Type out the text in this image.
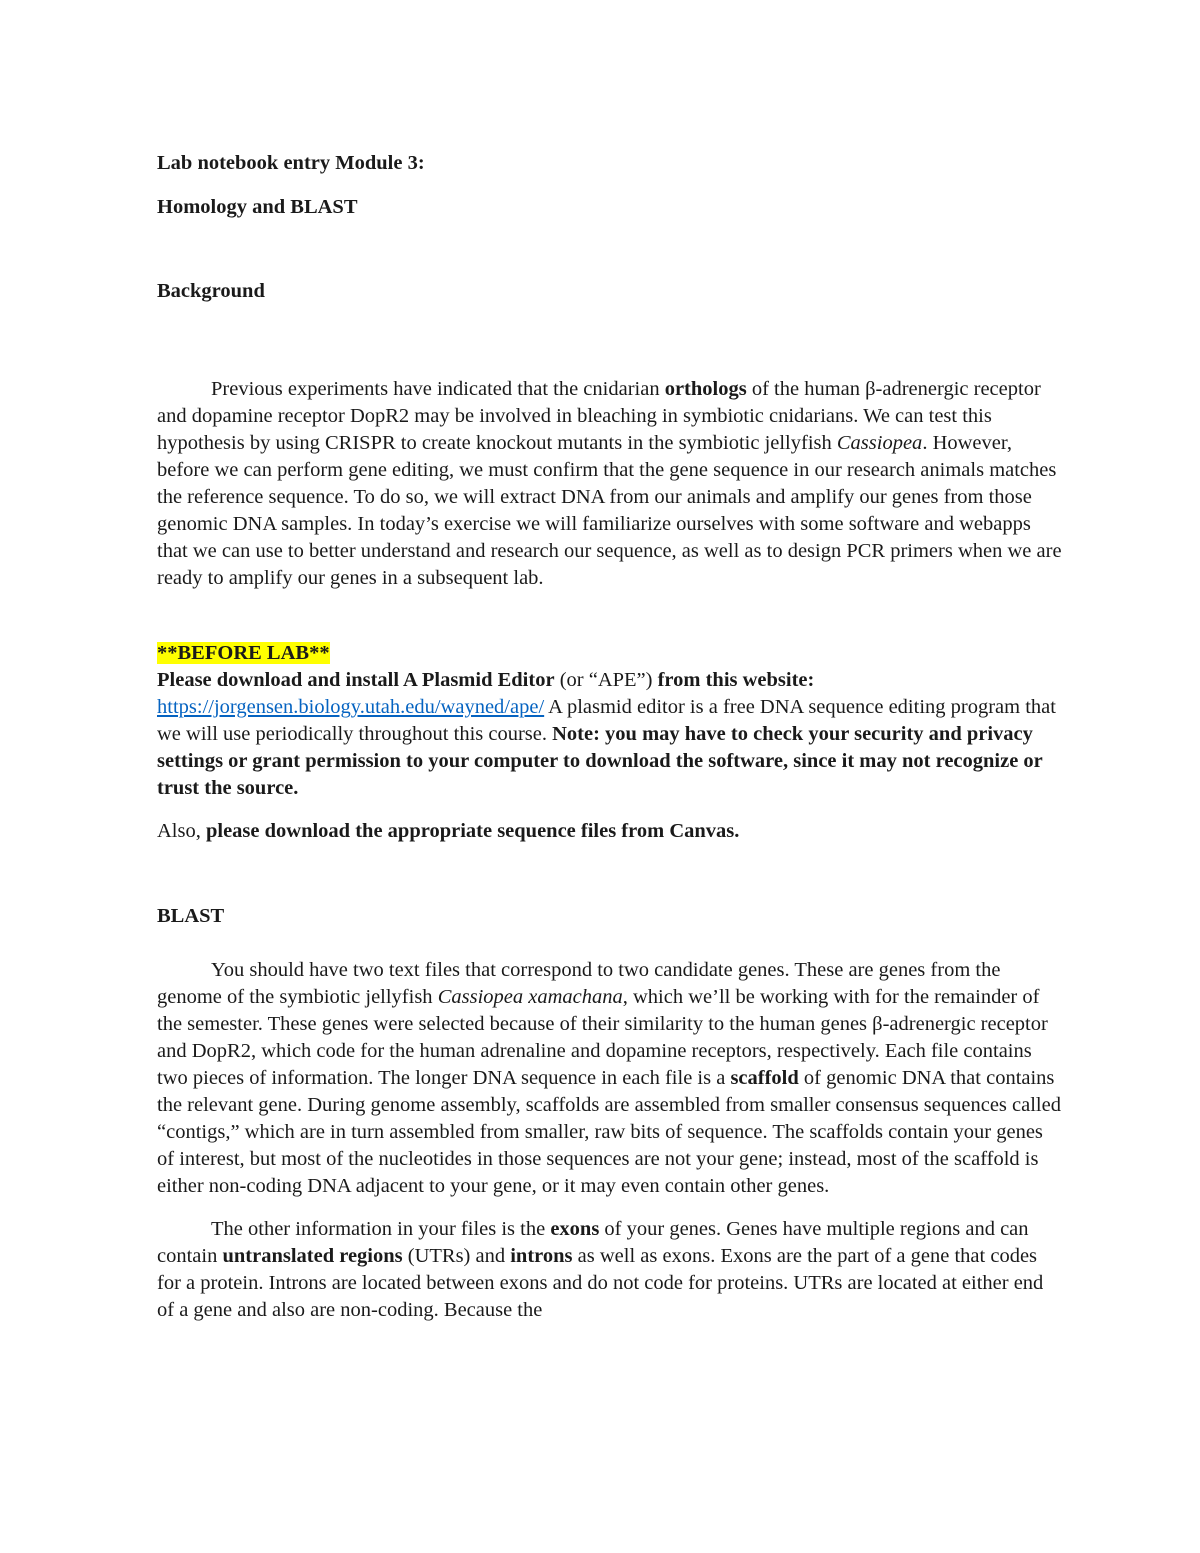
Lab notebook entry Module 3:

Homology and BLAST

Background

Previous experiments have indicated that the cnidarian orthologs of the human β-adrenergic receptor and dopamine receptor DopR2 may be involved in bleaching in symbiotic cnidarians. We can test this hypothesis by using CRISPR to create knockout mutants in the symbiotic jellyfish Cassiopea. However, before we can perform gene editing, we must confirm that the gene sequence in our research animals matches the reference sequence. To do so, we will extract DNA from our animals and amplify our genes from those genomic DNA samples. In today’s exercise we will familiarize ourselves with some software and webapps that we can use to better understand and research our sequence, as well as to design PCR primers when we are ready to amplify our genes in a subsequent lab.

**BEFORE LAB**

Please download and install A Plasmid Editor (or “APE”) from this website:
https://jorgensen.biology.utah.edu/wayned/ape/ A plasmid editor is a free DNA sequence editing program that we will use periodically throughout this course. Note: you may have to check your security and privacy settings or grant permission to your computer to download the software, since it may not recognize or trust the source.

Also, please download the appropriate sequence files from Canvas.

BLAST

You should have two text files that correspond to two candidate genes. These are genes from the genome of the symbiotic jellyfish Cassiopea xamachana, which we’ll be working with for the remainder of the semester. These genes were selected because of their similarity to the human genes β-adrenergic receptor and DopR2, which code for the human adrenaline and dopamine receptors, respectively. Each file contains two pieces of information. The longer DNA sequence in each file is a scaffold of genomic DNA that contains the relevant gene. During genome assembly, scaffolds are assembled from smaller consensus sequences called “contigs,” which are in turn assembled from smaller, raw bits of sequence. The scaffolds contain your genes of interest, but most of the nucleotides in those sequences are not your gene; instead, most of the scaffold is either non-coding DNA adjacent to your gene, or it may even contain other genes.

The other information in your files is the exons of your genes. Genes have multiple regions and can contain untranslated regions (UTRs) and introns as well as exons. Exons are the part of a gene that codes for a protein. Introns are located between exons and do not code for proteins. UTRs are located at either end of a gene and also are non-coding. Because the
